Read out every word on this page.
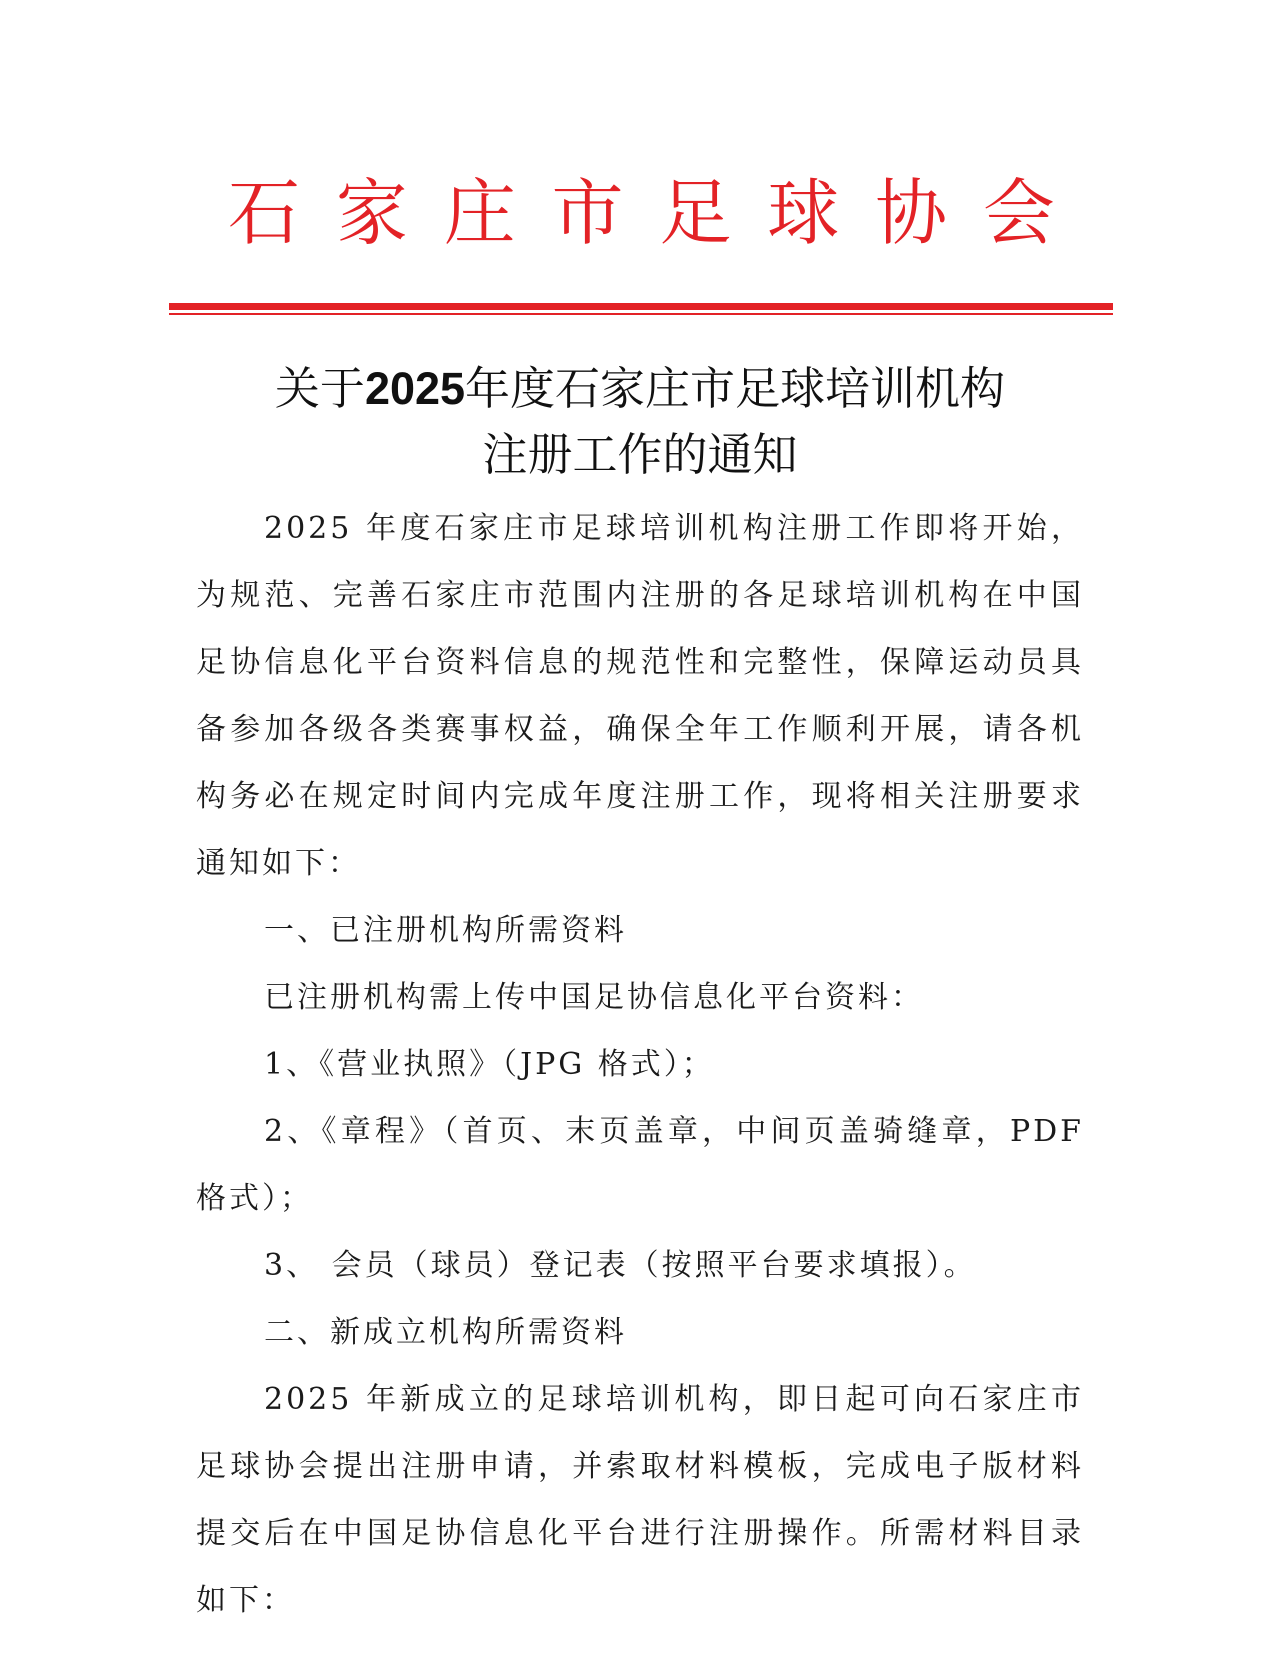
石 家 庄 市 足 球 协 会
关于2025年度石家庄市足球培训机构
注册工作的通知

2025 年度石家庄市足球培训机构注册工作即将开始，为规范、完善石家庄市范围内注册的各足球培训机构在中国足协信息化平台资料信息的规范性和完整性，保障运动员具备参加各级各类赛事权益，确保全年工作顺利开展，请各机构务必在规定时间内完成年度注册工作，现将相关注册要求通知如下：

一、已注册机构所需资料

已注册机构需上传中国足协信息化平台资料：

1、《营业执照》（JPG 格式）；

2、《章程》（首页、末页盖章，中间页盖骑缝章，PDF 格式）；

3、 会员（球员）登记表（按照平台要求填报）。

二、新成立机构所需资料

2025 年新成立的足球培训机构，即日起可向石家庄市足球协会提出注册申请，并索取材料模板，完成电子版材料提交后在中国足协信息化平台进行注册操作。所需材料目录如下：
